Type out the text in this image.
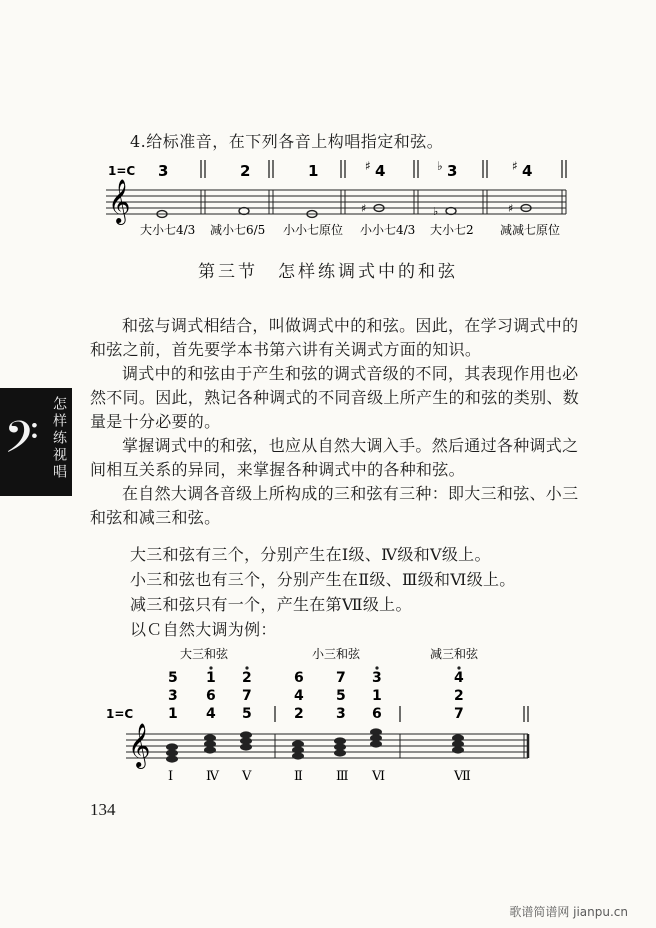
4.给标准音，在下列各音上构唱指定和弦。
1=C 3	2	1	♯ 4	♭ 3	♯ 4
𝄞	♯	♭	♯
大小七4/3 减小七6/5 小小七原位 小小七4/3 大小七2 减减七原位
第三节　怎样练调式中的和弦

和弦与调式相结合，叫做调式中的和弦。因此，在学习调式中的和弦之前，首先要学本书第六讲有关调式方面的知识。

调式中的和弦由于产生和弦的调式音级的不同，其表现作用也必然不同。因此，熟记各种调式的不同音级上所产生的和弦的类别、数量是十分必要的。

掌握调式中的和弦，也应从自然大调入手。然后通过各种调式之间相互关系的异同，来掌握各种调式中的各种和弦。

在自然大调各音级上所构成的三和弦有三种：即大三和弦、小三和弦和减三和弦。

大三和弦有三个，分别产生在Ⅰ级、Ⅳ级和Ⅴ级上。
小三和弦也有三个，分别产生在Ⅱ级、Ⅲ级和Ⅵ级上。
减三和弦只有一个，产生在第Ⅶ级上。
以Ｃ自然大调为例：
大三和弦	小三和弦	减三和弦
1=C
5
3
1
1
6
4
2
7
5
6
4
2
7
5
3
3
1
6
4
2
7
𝄞
Ⅰ	Ⅳ Ⅴ	Ⅱ	Ⅲ Ⅵ	Ⅶ
𝄢 怎样练视唱
134
歌谱简谱网 jianpu.cn
